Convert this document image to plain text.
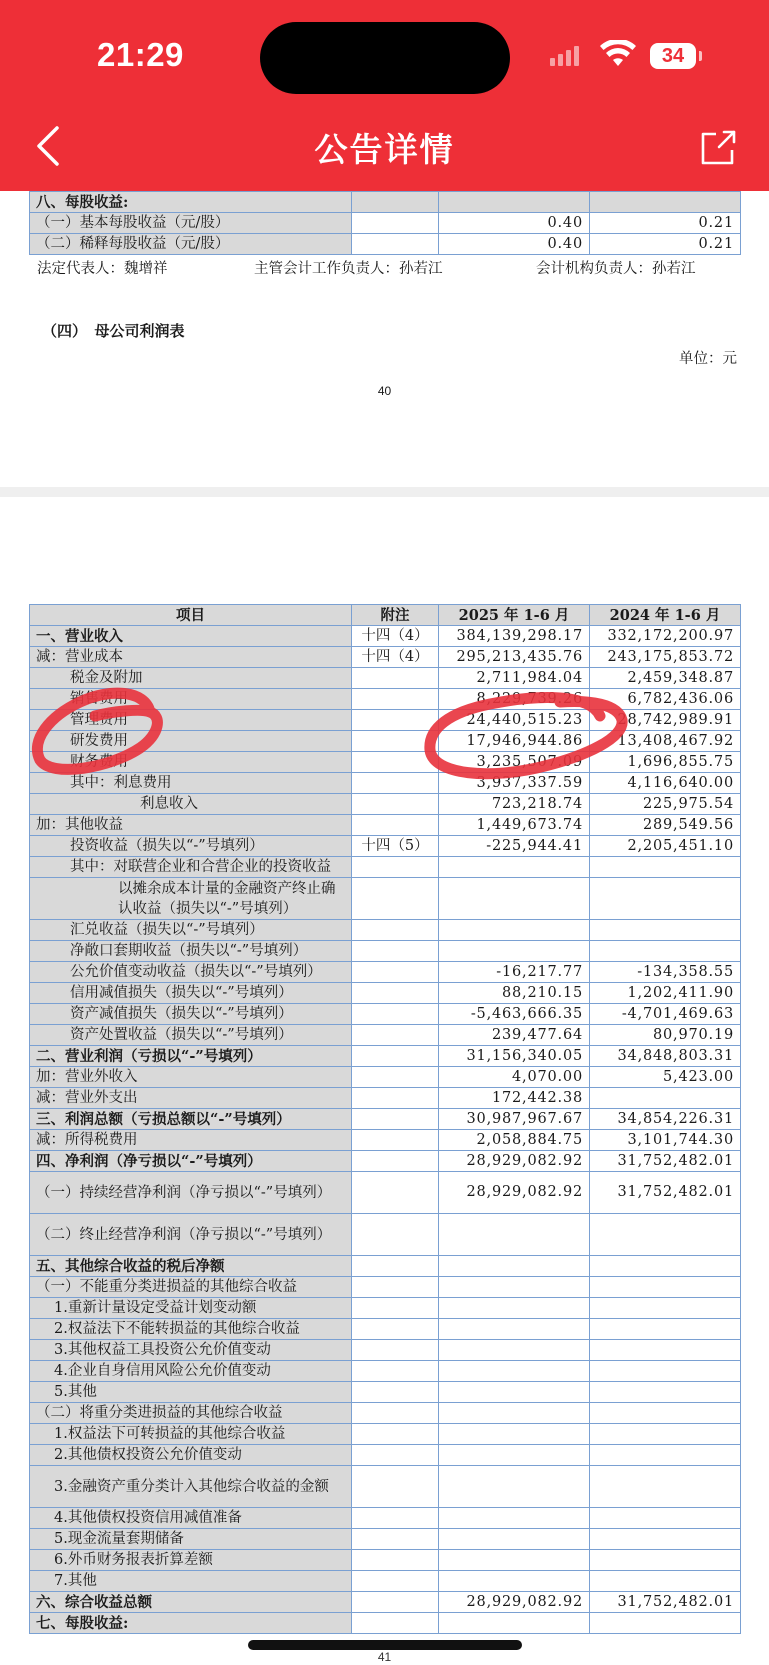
21:29	34
公告详情
八、每股收益:			
（一）基本每股收益（元/股）		0.40	0.21
（二）稀释每股收益（元/股）		0.40	0.21
法定代表人：魏增祥	主管会计工作负责人：孙若江	会计机构负责人：孙若江
（四）　母公司利润表
单位：元
40
项目	附注	2025 年 1-6 月	2024 年 1-6 月
一、营业收入	十四（4）	384,139,298.17	332,172,200.97
减：营业成本	十四（4）	295,213,435.76	243,175,853.72
税金及附加		2,711,984.04	2,459,348.87
销售费用		8,229,739.26	6,782,436.06
管理费用		24,440,515.23	28,742,989.91
研发费用		17,946,944.86	13,408,467.92
财务费用		3,235,507.09	1,696,855.75
其中：利息费用		3,937,337.59	4,116,640.00
利息收入		723,218.74	225,975.54
加：其他收益		1,449,673.74	289,549.56
投资收益（损失以“-”号填列）	十四（5）	-225,944.41	2,205,451.10
其中：对联营企业和合营企业的投资收益			
以摊余成本计量的金融资产终止确认收益（损失以“-”号填列）			
汇兑收益（损失以“-”号填列）			
净敞口套期收益（损失以“-”号填列）			
公允价值变动收益（损失以“-”号填列）		-16,217.77	-134,358.55
信用减值损失（损失以“-”号填列）		88,210.15	1,202,411.90
资产减值损失（损失以“-”号填列）		-5,463,666.35	-4,701,469.63
资产处置收益（损失以“-”号填列）		239,477.64	80,970.19
二、营业利润（亏损以“-”号填列）		31,156,340.05	34,848,803.31
加：营业外收入		4,070.00	5,423.00
减：营业外支出		172,442.38	
三、利润总额（亏损总额以“-”号填列）		30,987,967.67	34,854,226.31
减：所得税费用		2,058,884.75	3,101,744.30
四、净利润（净亏损以“-”号填列）		28,929,082.92	31,752,482.01
（一）持续经营净利润（净亏损以“-”号填列）		28,929,082.92	31,752,482.01
（二）终止经营净利润（净亏损以“-”号填列）			
五、其他综合收益的税后净额			
（一）不能重分类进损益的其他综合收益			
1.重新计量设定受益计划变动额			
2.权益法下不能转损益的其他综合收益			
3.其他权益工具投资公允价值变动			
4.企业自身信用风险公允价值变动			
5.其他			
（二）将重分类进损益的其他综合收益			
1.权益法下可转损益的其他综合收益			
2.其他债权投资公允价值变动			
3.金融资产重分类计入其他综合收益的金额			
4.其他债权投资信用减值准备			
5.现金流量套期储备			
6.外币财务报表折算差额			
7.其他			
六、综合收益总额		28,929,082.92	31,752,482.01
七、每股收益:			
41
